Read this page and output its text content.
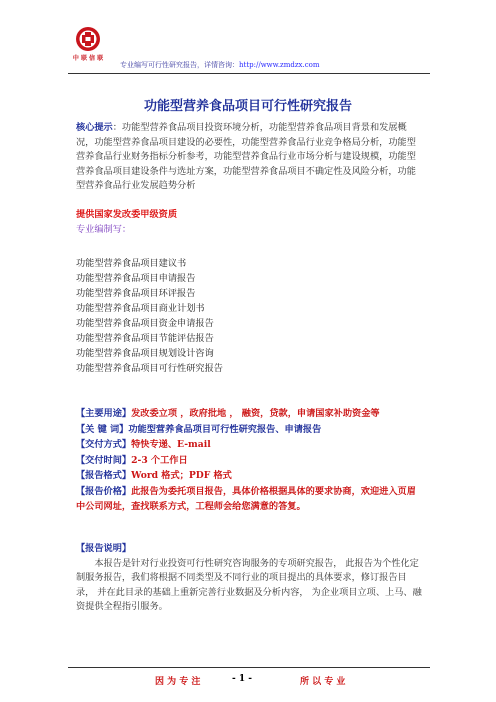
中 联 信 联
专业编写可行性研究报告，详情咨询：http://www.zmdzx.com
功能型营养食品项目可行性研究报告
核心提示：功能型营养食品项目投资环境分析，功能型营养食品项目背景和发展概况，功能型营养食品项目建设的必要性，功能型营养食品行业竞争格局分析，功能型营养食品行业财务指标分析参考，功能型营养食品行业市场分析与建设规模，功能型营养食品项目建设条件与选址方案，功能型营养食品项目不确定性及风险分析，功能型营养食品行业发展趋势分析
提供国家发改委甲级资质
专业编制写：
功能型营养食品项目建议书
功能型营养食品项目申请报告
功能型营养食品项目环评报告
功能型营养食品项目商业计划书
功能型营养食品项目资金申请报告
功能型营养食品项目节能评估报告
功能型营养食品项目规划设计咨询
功能型营养食品项目可行性研究报告
【主要用途】发改委立项 ，政府批地 ， 融资，贷款，申请国家补助资金等
【关 键 词】功能型营养食品项目可行性研究报告、申请报告
【交付方式】特快专递、E-mail
【交付时间】2-3 个工作日
【报告格式】Word 格式；PDF 格式
【报告价格】此报告为委托项目报告，具体价格根据具体的要求协商，欢迎进入页眉中公司网址，查找联系方式，工程师会给您满意的答复。
【报告说明】
本报告是针对行业投资可行性研究咨询服务的专项研究报告， 此报告为个性化定制服务报告，我们将根据不同类型及不同行业的项目提出的具体要求，修订报告目录， 并在此目录的基础上重新完善行业数据及分析内容， 为企业项目立项、上马、融资提供全程指引服务。
因 为 专 注	- 1 -	所 以 专 业
